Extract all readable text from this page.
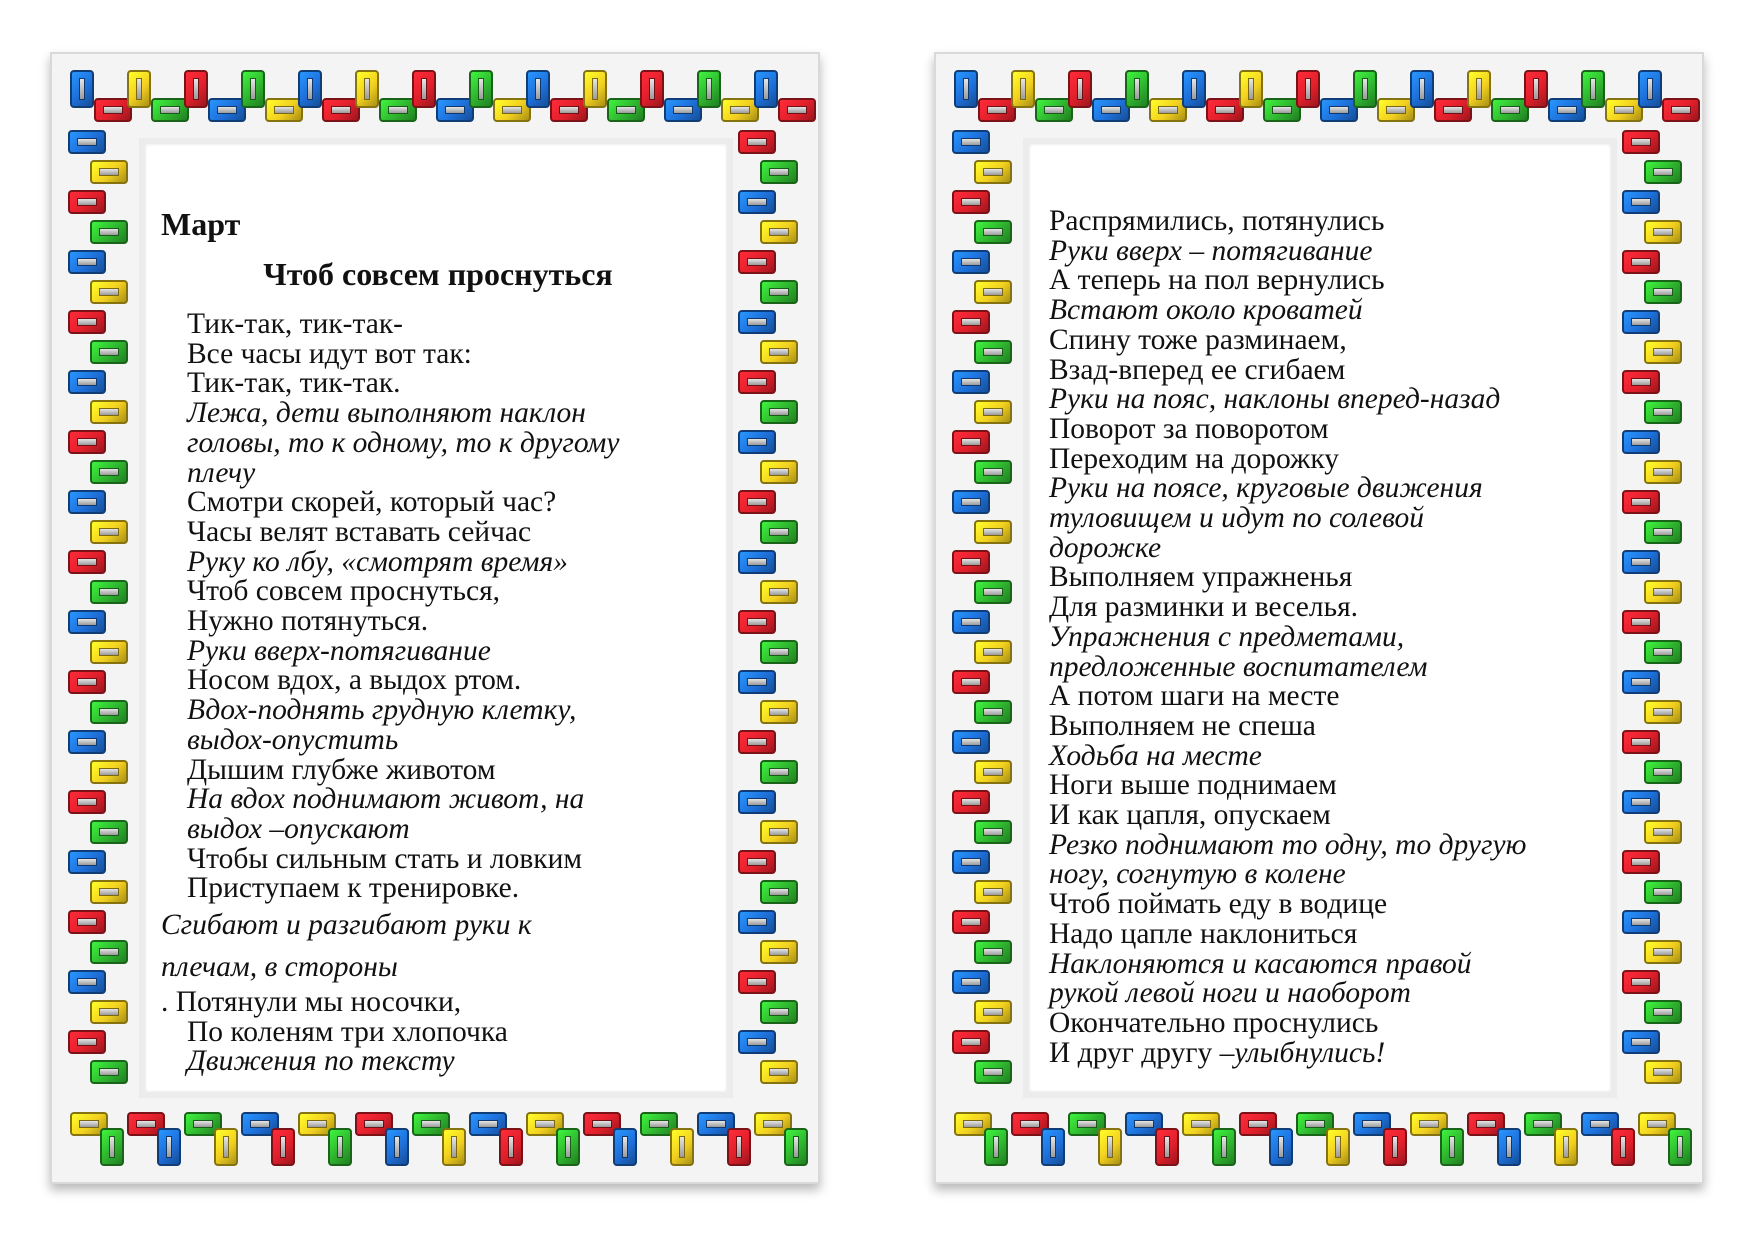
Март
Чтоб совсем проснуться
Тик-так, тик-так-
Все часы идут вот так:
Тик-так, тик-так.
Лежа, дети выполняют наклон
головы, то к одному, то к другому
плечу
Смотри скорей, который час?
Часы велят вставать сейчас
Руку ко лбу, «смотрят время»
Чтоб совсем проснуться,
Нужно потянуться.
Руки вверх-потягивание
Носом вдох, а выдох ртом.
Вдох-поднять грудную клетку,
выдох-опустить
Дышим глубже животом
На вдох поднимают живот, на
выдох –опускают
Чтобы сильным стать и ловким
Приступаем к тренировке.
Сгибают и разгибают руки к
плечам, в стороны
. Потянули мы носочки,
По коленям три хлопочка
Движения по тексту
Распрямились, потянулись
Руки вверх – потягивание
А теперь на пол вернулись
Встают около кроватей
Спину тоже разминаем,
Взад-вперед ее сгибаем
Руки на пояс, наклоны вперед-назад
Поворот за поворотом
Переходим на дорожку
Руки на поясе, круговые движения
туловищем и идут по солевой
дорожке
Выполняем упражненья
Для разминки и веселья.
Упражнения с предметами,
предложенные воспитателем
А потом шаги на месте
Выполняем не спеша
Ходьба на месте
Ноги выше поднимаем
И как цапля, опускаем
Резко поднимают то одну, то другую
ногу, согнутую в колене
Чтоб поймать еду в водице
Надо цапле наклониться
Наклоняются и касаются правой
рукой левой ноги и наоборот
Окончательно проснулись
И друг другу –улыбнулись!
